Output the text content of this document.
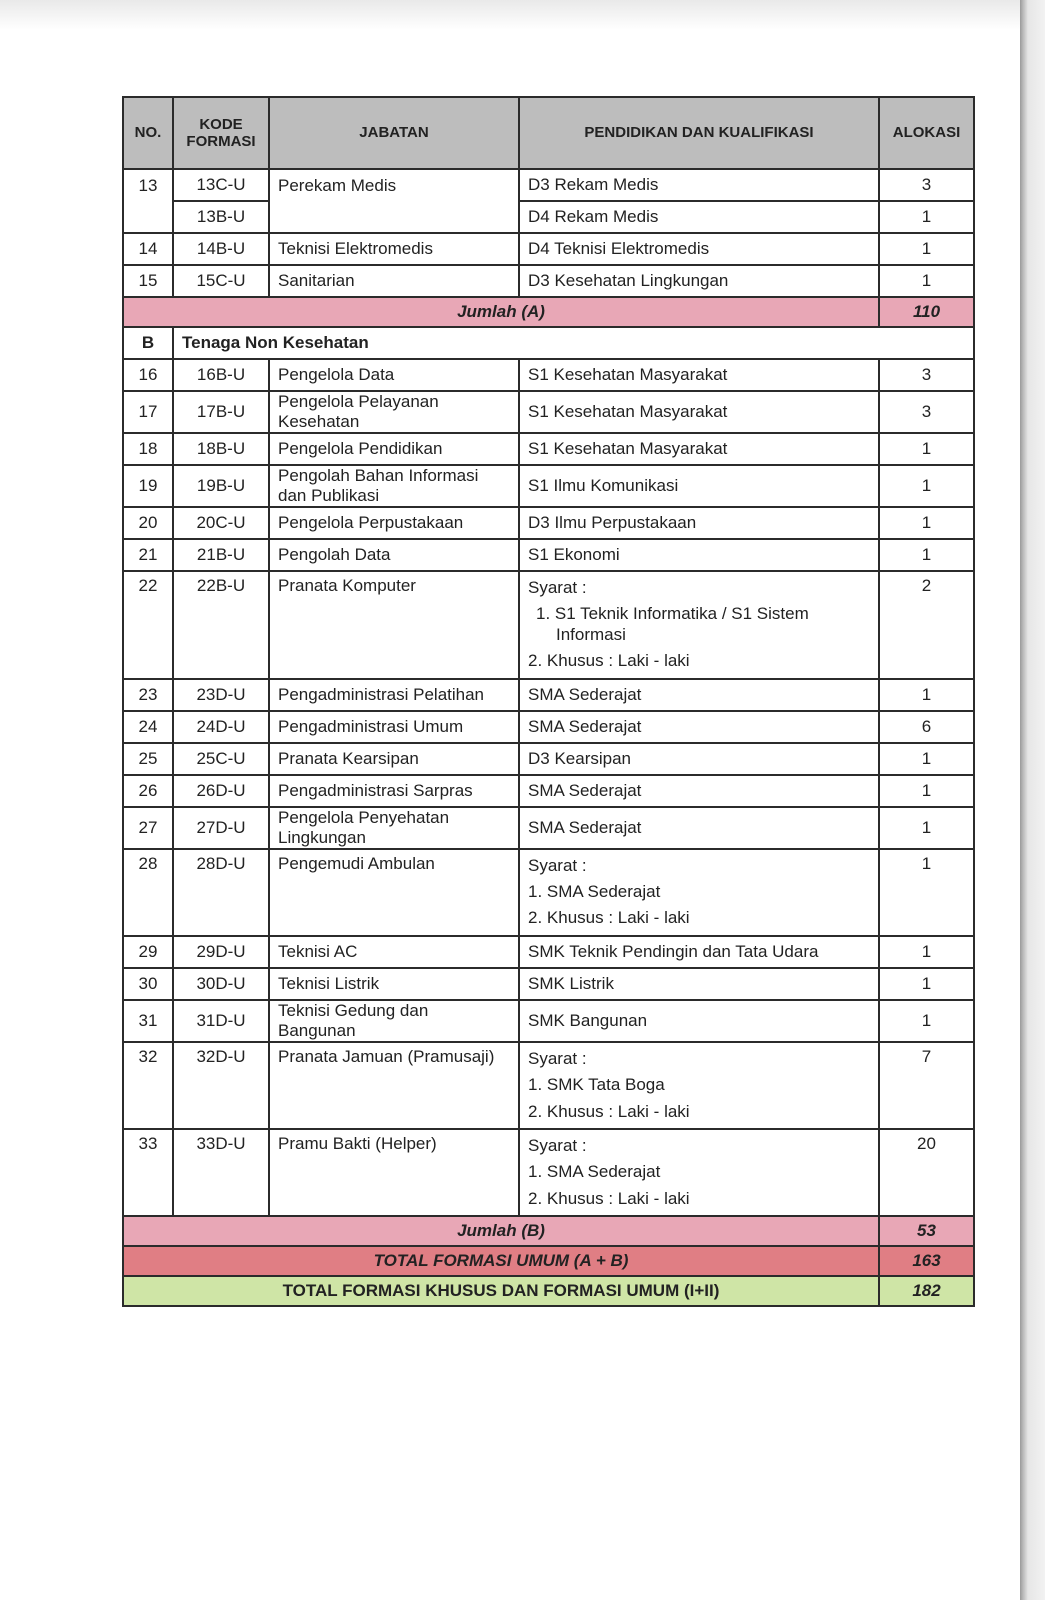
NO.	KODE FORMASI	JABATAN	PENDIDIKAN DAN KUALIFIKASI	ALOKASI
13	13C-U	Perekam Medis	D3 Rekam Medis	3
	13B-U		D4 Rekam Medis	1
14	14B-U	Teknisi Elektromedis	D4 Teknisi Elektromedis	1
15	15C-U	Sanitarian	D3 Kesehatan Lingkungan	1
Jumlah (A)				110
B	Tenaga Non Kesehatan			
16	16B-U	Pengelola Data	S1 Kesehatan Masyarakat	3
17	17B-U	Pengelola Pelayanan Kesehatan	S1 Kesehatan Masyarakat	3
18	18B-U	Pengelola Pendidikan	S1 Kesehatan Masyarakat	1
19	19B-U	Pengolah Bahan Informasi dan Publikasi	S1 Ilmu Komunikasi	1
20	20C-U	Pengelola Perpustakaan	D3 Ilmu Perpustakaan	1
21	21B-U	Pengolah Data	S1 Ekonomi	1
22	22B-U	Pranata Komputer	Syarat :
1. S1 Teknik Informatika / S1 Sistem Informasi
2. Khusus : Laki - laki	2
23	23D-U	Pengadministrasi Pelatihan	SMA Sederajat	1
24	24D-U	Pengadministrasi Umum	SMA Sederajat	6
25	25C-U	Pranata Kearsipan	D3 Kearsipan	1
26	26D-U	Pengadministrasi Sarpras	SMA Sederajat	1
27	27D-U	Pengelola Penyehatan Lingkungan	SMA Sederajat	1
28	28D-U	Pengemudi Ambulan	Syarat :
1. SMA Sederajat
2. Khusus : Laki - laki	1
29	29D-U	Teknisi AC	SMK Teknik Pendingin dan Tata Udara	1
30	30D-U	Teknisi Listrik	SMK Listrik	1
31	31D-U	Teknisi Gedung dan Bangunan	SMK Bangunan	1
32	32D-U	Pranata Jamuan (Pramusaji)	Syarat :
1. SMK Tata Boga
2. Khusus : Laki - laki	7
33	33D-U	Pramu Bakti (Helper)	Syarat :
1. SMA Sederajat
2. Khusus : Laki - laki	20
Jumlah (B)				53
TOTAL FORMASI UMUM (A + B)				163
TOTAL FORMASI KHUSUS DAN FORMASI UMUM (I+II)				182
